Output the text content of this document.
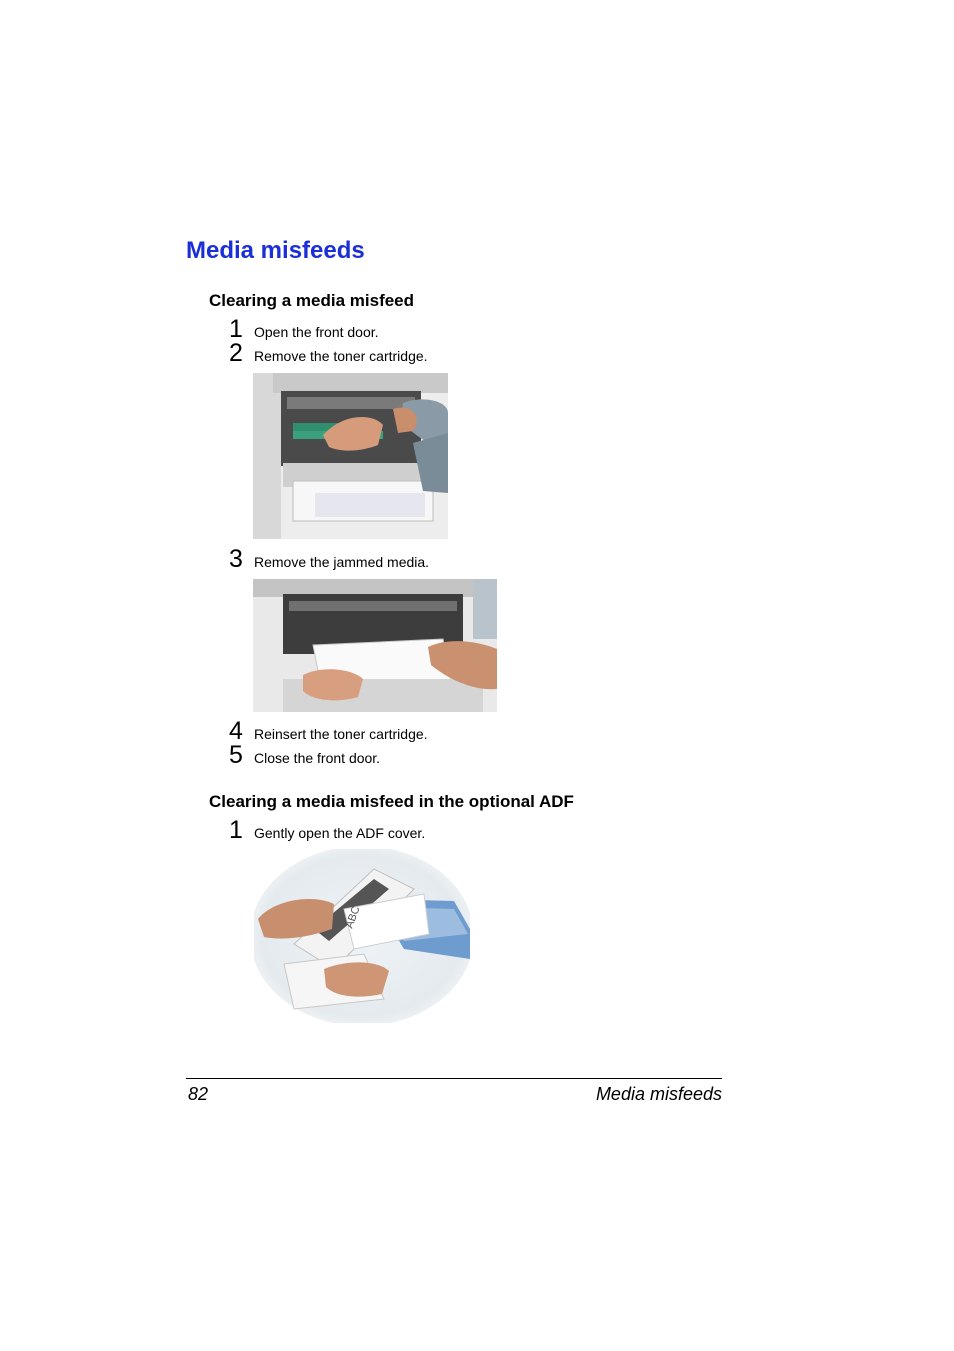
Media misfeeds
Clearing a media misfeed
1 Open the front door.
2 Remove the toner cartridge.
3 Remove the jammed media.
4 Reinsert the toner cartridge.
5 Close the front door.
Clearing a media misfeed in the optional ADF
1 Gently open the ADF cover.
ABC
82	Media misfeeds
